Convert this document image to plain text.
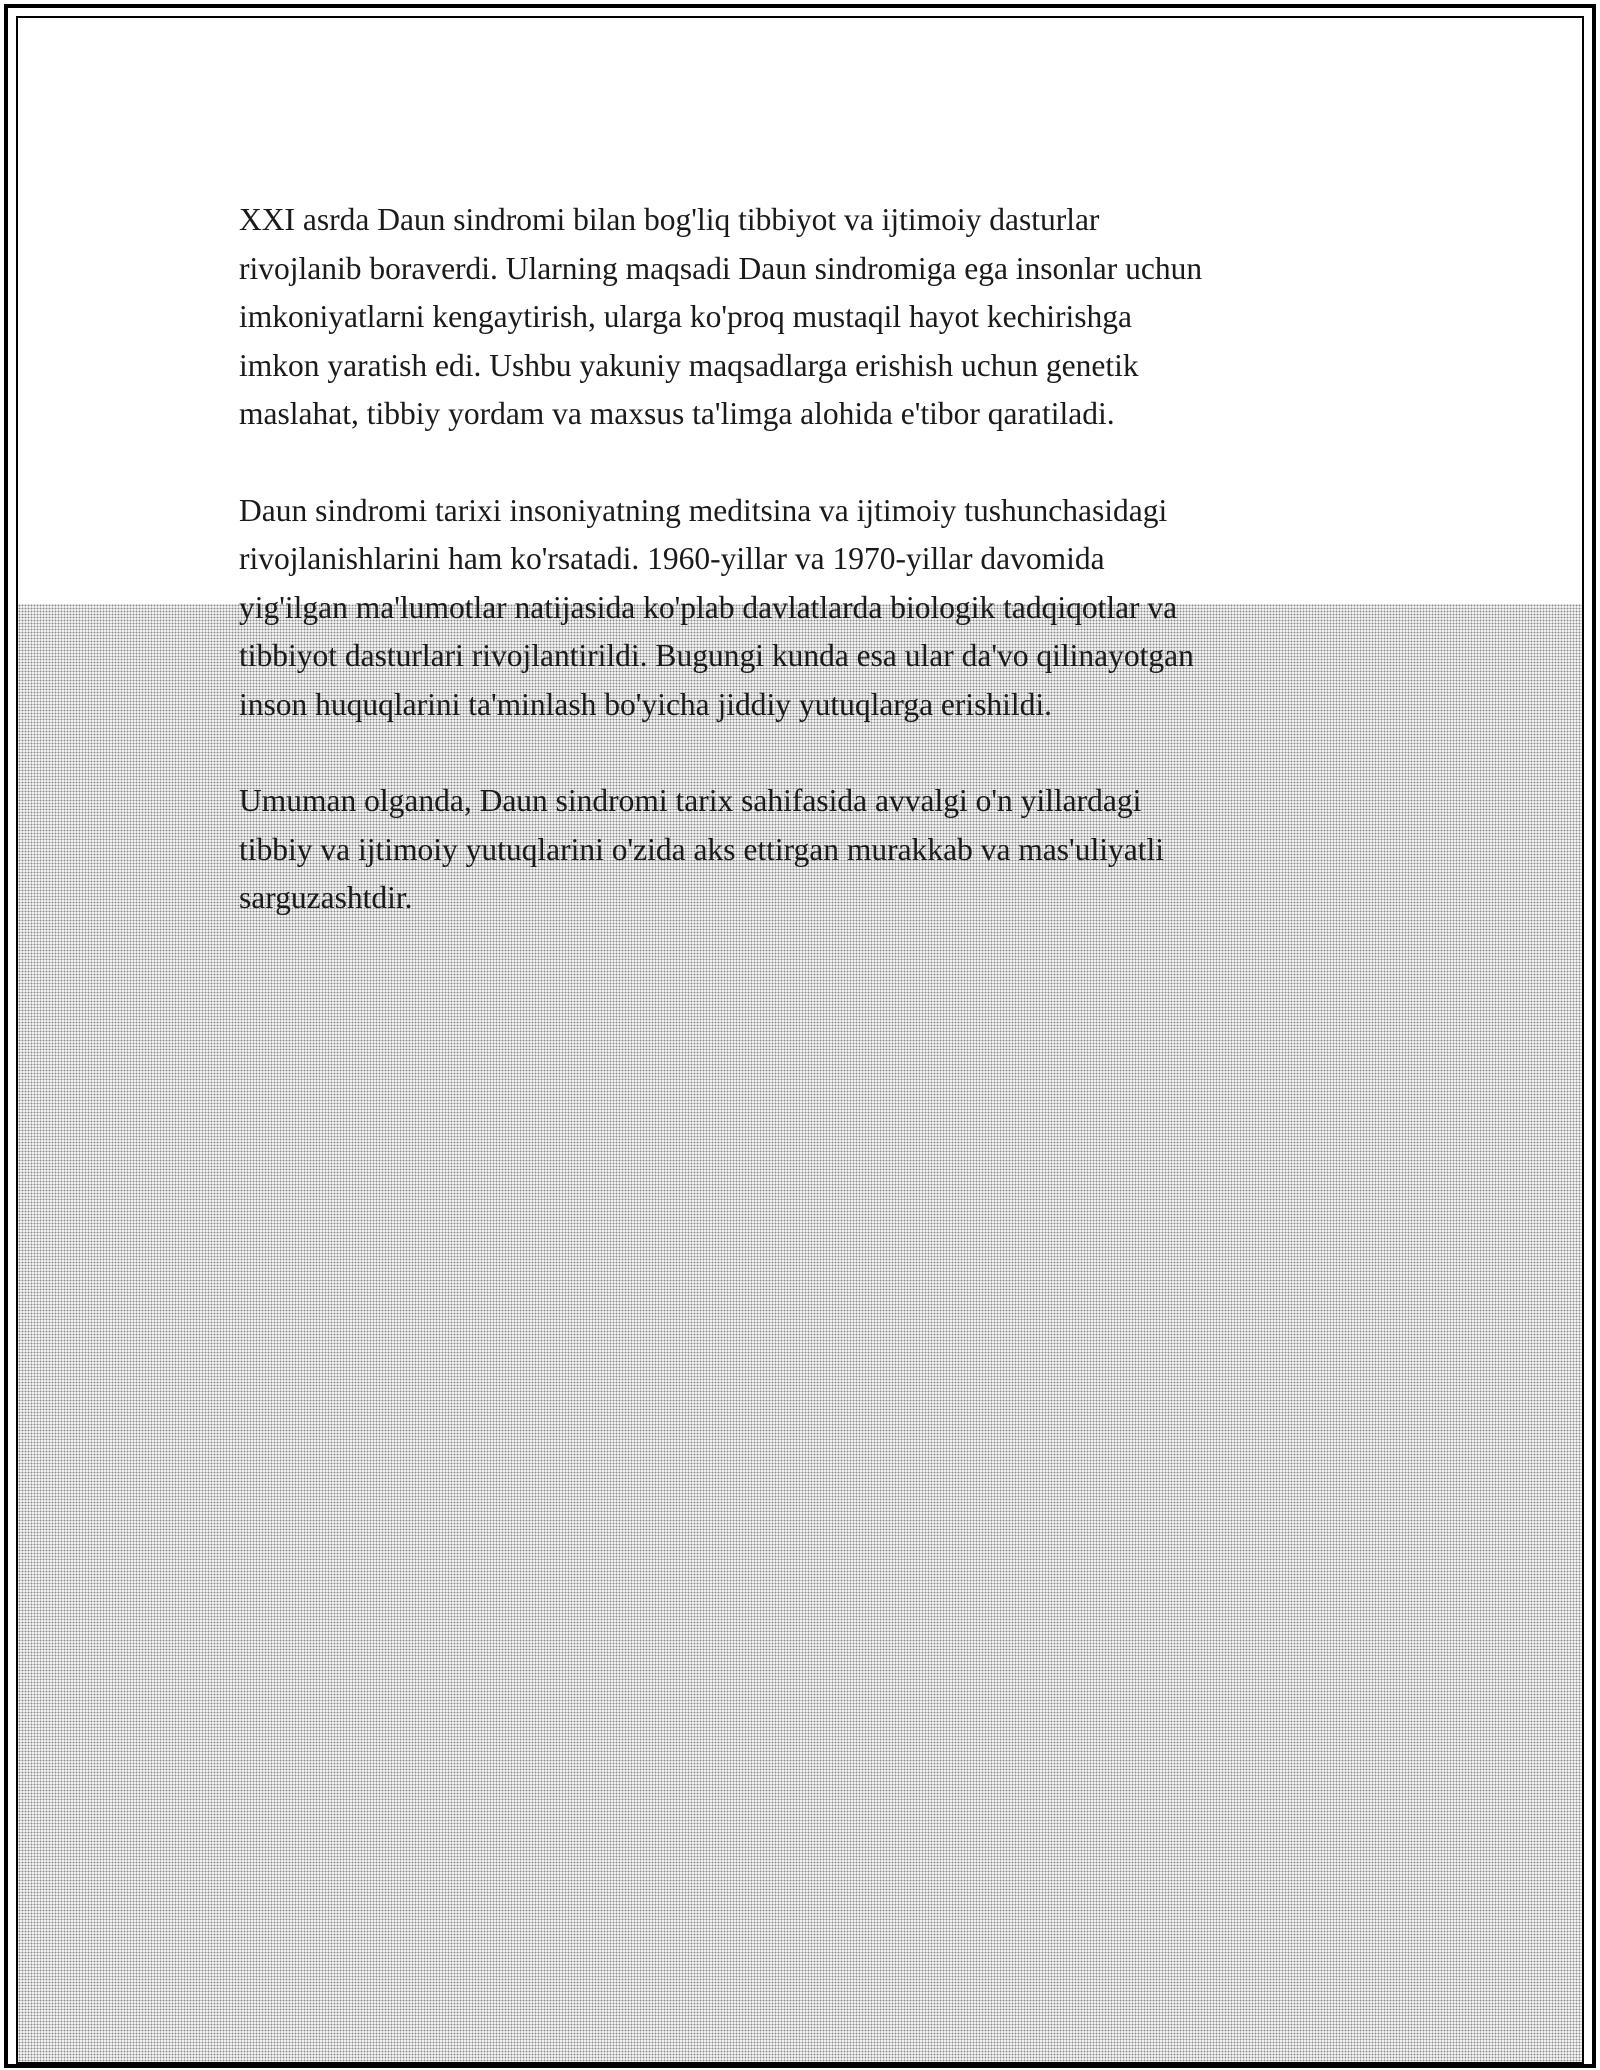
XXI asrda Daun sindromi bilan bog'liq tibbiyot va ijtimoiy dasturlar
rivojlanib boraverdi. Ularning maqsadi Daun sindromiga ega insonlar uchun
imkoniyatlarni kengaytirish, ularga ko'proq mustaqil hayot kechirishga
imkon yaratish edi. Ushbu yakuniy maqsadlarga erishish uchun genetik
maslahat, tibbiy yordam va maxsus ta'limga alohida e'tibor qaratiladi.

Daun sindromi tarixi insoniyatning meditsina va ijtimoiy tushunchasidagi
rivojlanishlarini ham ko'rsatadi. 1960-yillar va 1970-yillar davomida
yig'ilgan ma'lumotlar natijasida ko'plab davlatlarda biologik tadqiqotlar va
tibbiyot dasturlari rivojlantirildi. Bugungi kunda esa ular da'vo qilinayotgan
inson huquqlarini ta'minlash bo'yicha jiddiy yutuqlarga erishildi.

Umuman olganda, Daun sindromi tarix sahifasida avvalgi o'n yillardagi
tibbiy va ijtimoiy yutuqlarini o'zida aks ettirgan murakkab va mas'uliyatli
sarguzashtdir.
